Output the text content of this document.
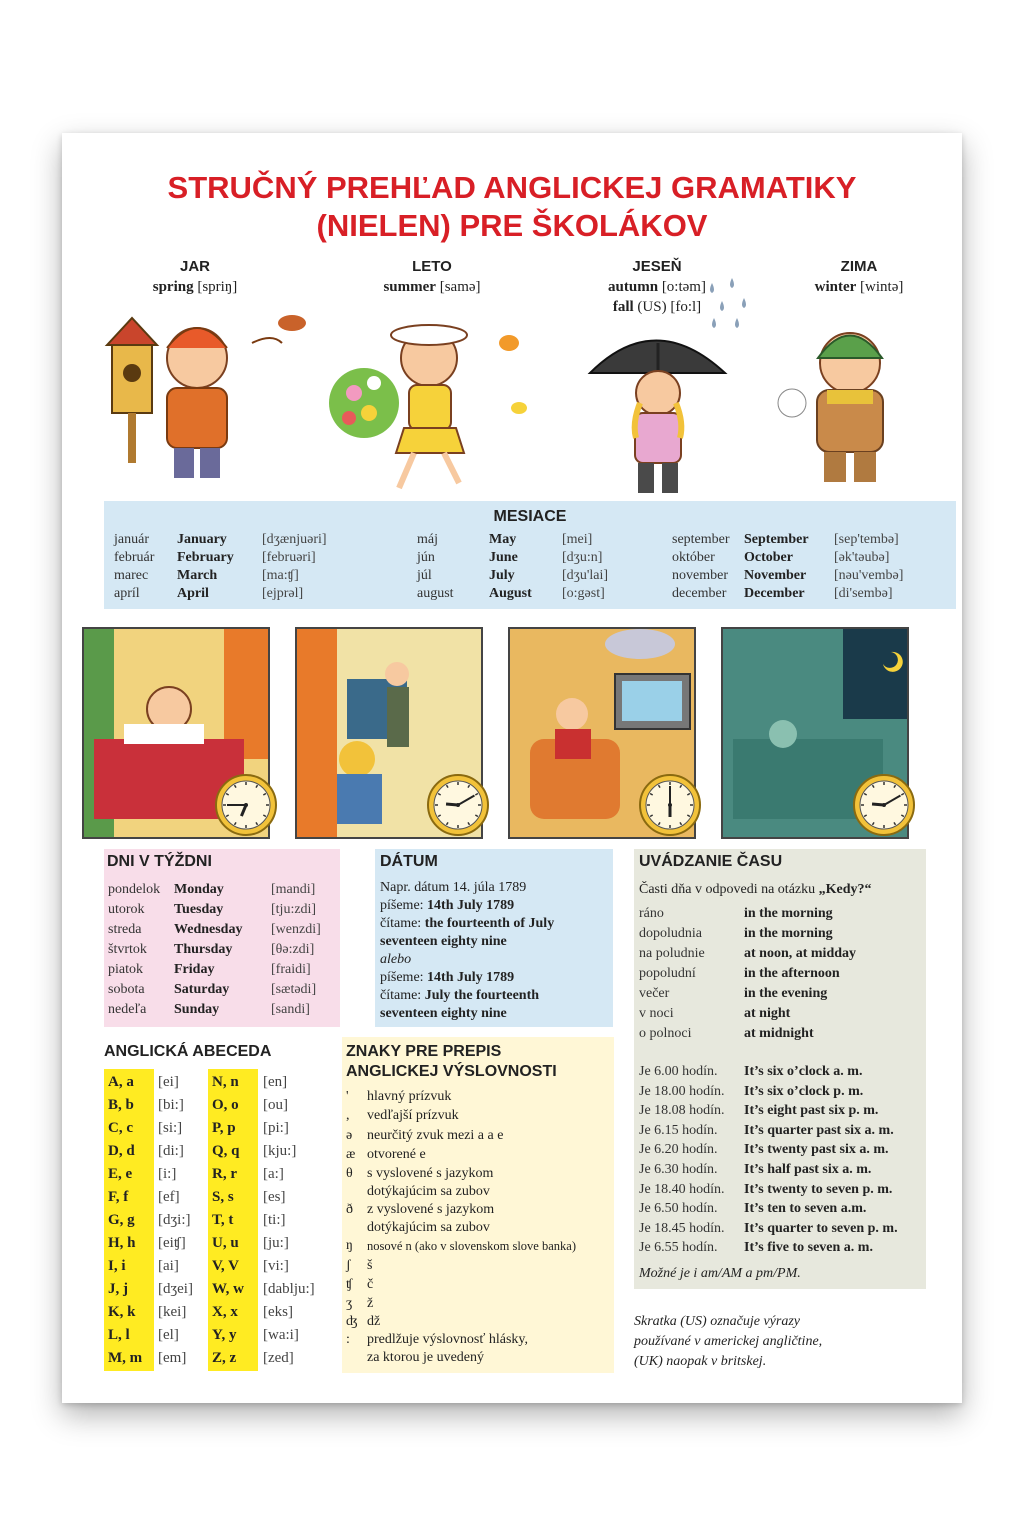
STRUČNÝ PREHĽAD ANGLICKEJ GRAMATIKY
(NIELEN) PRE ŠKOLÁKOV
JAR
spring [spriŋ]
LETO
summer [samə]
JESEŇ
autumn [o:təm]
fall (US) [fo:l]
ZIMA
winter [wintə]
MESIACE
DNI V TÝŽDNI	DÁTUM
Napr. dátum 14. júla 1789
píšeme: 14th July 1789
čítame: the fourteenth of July
seventeen eighty nine
alebo
píšeme: 14th July 1789
čítame: July the fourteenth
seventeen eighty nine
UVÁDZANIE ČASU
Časti dňa v odpovedi na otázku „Kedy?“
Možné je i am/AM a pm/PM.
ANGLICKÁ ABECEDA	ZNAKY PRE PREPIS
ANGLICKEJ VÝSLOVNOSTI
Skratka (US) označuje výrazy
používané v americkej angličtine,
(UK) naopak v britskej.
január January	[dʒænjuəri]
február February [februəri]
marec March	[ma:ʧ]
apríl	April	[ejprəl]
máj	May	[mei]
jún	June	[dʒu:n]
júl	July	[dʒu'lai]
august	August [o:gəst]
september September [sep'tembə]
október October	[ək'təubə]
november November [nəu'vembə]
december December [di'sembə]
pondelok Monday	[mandi]
utorok Tuesday	[tju:zdi]
streda Wednesday [wenzdi]
štvrtok Thursday	[θə:zdi]
piatok Friday	[fraidi]
sobota Saturday	[sætədi]
nedeľa Sunday	[sandi]
ráno	in the morning
dopoludnia	in the morning
na poludnie	at noon, at midday
popoludní	in the afternoon
večer	in the evening
v noci	at night
o polnoci	at midnight
Je 6.00 hodín. It’s six o’clock a. m.
Je 18.00 hodín. It’s six o’clock p. m.
Je 18.08 hodín. It’s eight past six p. m.
Je 6.15 hodín. It’s quarter past six a. m.
Je 6.20 hodín. It’s twenty past six a. m.
Je 6.30 hodín. It’s half past six a. m.
Je 18.40 hodín. It’s twenty to seven p. m.
Je 6.50 hodín. It’s ten to seven a.m.
Je 18.45 hodín. It’s quarter to seven p. m.
Je 6.55 hodín. It’s five to seven a. m.
A, a [ei]
B, b [bi:]
C, c [si:]
D, d [di:]
E, e [i:]
F, f [ef]
G, g [dʒi:]
H, h [eiʧ]
I, i [ai]
J, j [dʒei]
K, k [kei]
L, l [el]
M, m [em]
N, n [en]
O, o [ou]
P, p [pi:]
Q, q [kju:]
R, r [a:]
S, s [es]
T, t [ti:]
U, u [ju:]
V, V [vi:]
W, w [dablju:]
X, x [eks]
Y, y [wa:i]
Z, z [zed]
' hlavný prízvuk
, vedľajší prízvuk
ə neurčitý zvuk mezi a a e
æ otvorené e
θ s vyslovené s jazykom
dotýkajúcim sa zubov
ð z vyslovené s jazykom
dotýkajúcim sa zubov
ŋ nosové n (ako v slovenskom slove banka)
ʃ š
ʧ č
ʒ ž
ʤ dž
: predlžuje výslovnosť hlásky,
za ktorou je uvedený
